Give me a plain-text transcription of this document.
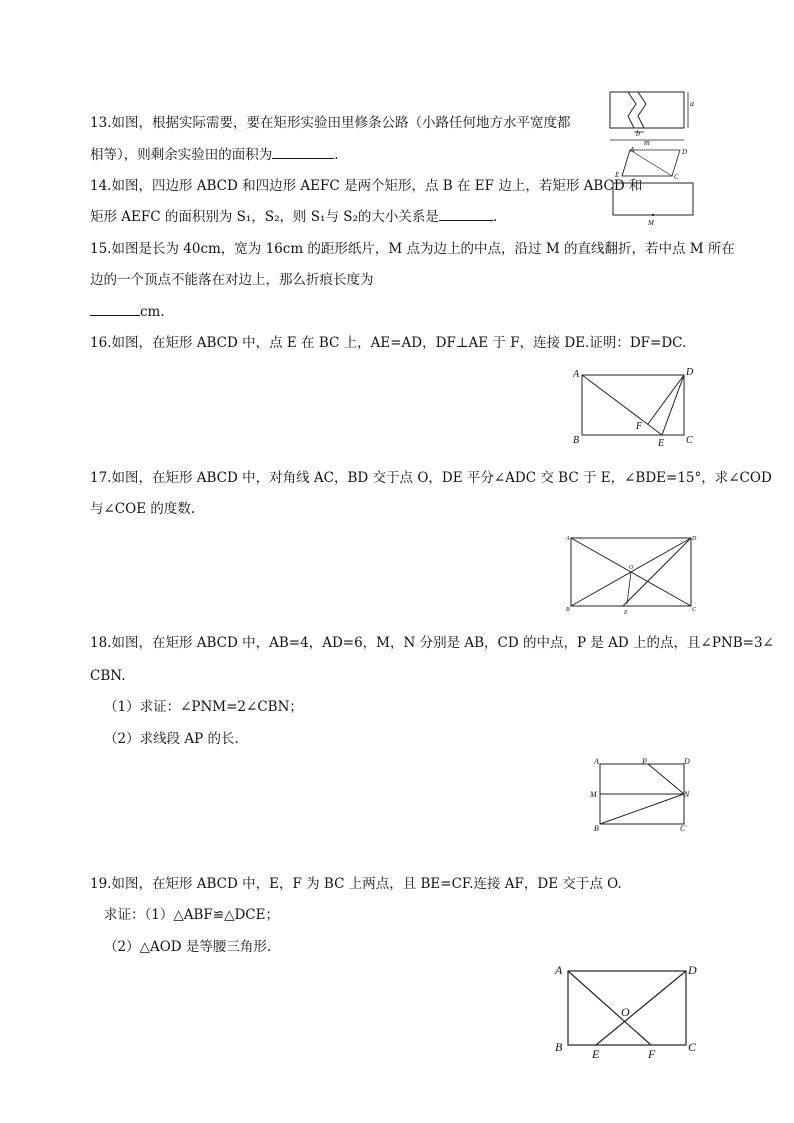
13.如图，根据实际需要，要在矩形实验田里修条公路（小路任何地方水平宽度都
相等），则剩余实验田的面积为	.
14.如图，四边形 ABCD 和四边形 AEFC 是两个矩形，点 B 在 EF 边上，若矩形 ABCD 和
矩形 AEFC 的面积别为 S₁，S₂，则 S₁与 S₂的大小关系是	.
15.如图是长为 40cm，宽为 16cm 的距形纸片，M 点为边上的中点，沿过 M 的直线翻折，若中点 M 所在
边的一个顶点不能落在对边上，那么折痕长度为
cm.
16.如图，在矩形 ABCD 中，点 E 在 BC 上，AE=AD，DF⊥AE 于 F，连接 DE.证明：DF=DC.
17.如图，在矩形 ABCD 中，对角线 AC，BD 交于点 O，DE 平分∠ADC 交 BC 于 E，∠BDE=15°，求∠COD
与∠COE 的度数.
18.如图，在矩形 ABCD 中，AB=4，AD=6，M，N 分别是 AB，CD 的中点，P 是 AD 上的点，且∠PNB=3∠
CBN.
（1）求证：∠PNM=2∠CBN；
（2）求线段 AP 的长.
19.如图，在矩形 ABCD 中，E，F 为 BC 上两点，且 BE=CF.连接 AF，DE 交于点 O.
求证：（1）△ABF≌△DCE；
（2）△AOD 是等腰三角形.
a
b
m
A	D
E	C
M
A	D
B	C
E
F
A	D
B	C
O
E
A	P	D
M	N
B	C
A	D
B	C
E	F
O
